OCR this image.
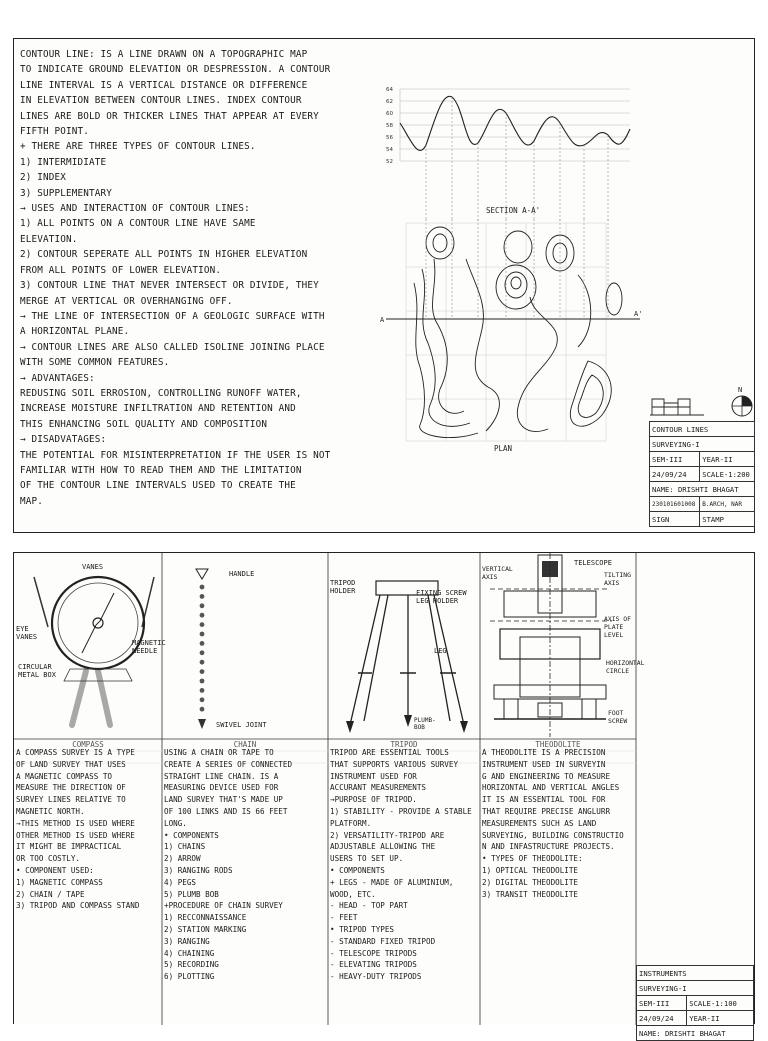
CONTOUR LINE: IS A LINE DRAWN ON A TOPOGRAPHIC MAP
TO INDICATE GROUND ELEVATION OR DESPRESSION. A CONTOUR
LINE INTERVAL IS A VERTICAL DISTANCE OR DIFFERENCE
IN ELEVATION BETWEEN CONTOUR LINES. INDEX CONTOUR
LINES ARE BOLD OR THICKER LINES THAT APPEAR AT EVERY
FIFTH POINT.
+ THERE ARE THREE TYPES OF CONTOUR LINES.
1) INTERMIDIATE
2) INDEX
3) SUPPLEMENTARY
→ USES AND INTERACTION OF CONTOUR LINES:
1) ALL POINTS ON A CONTOUR LINE HAVE SAME
ELEVATION.
2) CONTOUR SEPERATE ALL POINTS IN HIGHER ELEVATION
FROM ALL POINTS OF LOWER ELEVATION.
3) CONTOUR LINE THAT NEVER INTERSECT OR DIVIDE, THEY
MERGE AT VERTICAL OR OVERHANGING OFF.
→ THE LINE OF INTERSECTION OF A GEOLOGIC SURFACE WITH
A HORIZONTAL PLANE.
→ CONTOUR LINES ARE ALSO CALLED ISOLINE JOINING PLACE
WITH SOME COMMON FEATURES.
→ ADVANTAGES:
REDUSING SOIL ERROSION, CONTROLLING RUNOFF WATER,
INCREASE MOISTURE INFILTRATION AND RETENTION AND
THIS ENHANCING SOIL QUALITY AND COMPOSITION
→ DISADVATAGES:
THE POTENTIAL FOR MISINTERPRETATION IF THE USER IS NOT
FAMILIAR WITH HOW TO READ THEM AND THE LIMITATION
OF THE CONTOUR LINE INTERVALS USED TO CREATE THE
MAP.
64
62
60
58
56
54
52
SECTION A-A'
A
A'
PLAN
N
CONTOUR LINES	
SURVEYING-I	
SEM-III	YEAR-II
24/09/24	SCALE-1:200
NAME: DRISHTI BHAGAT	
230101601008	B.ARCH, NAR
SIGN	STAMP
VANES
EYE VANES
MAGNETIC NEEDLE
CIRCULAR METAL BOX
HANDLE
SWIVEL JOINT
TRIPOD HOLDER	FIXING SCREW LEG HOLDER
LEG
PLUMB-BOB
VERTICAL AXIS
TELESCOPE
TILTING AXIS
AXIS OF PLATE LEVEL
HORIZONTAL CIRCLE
FOOT SCREW
COMPASS	CHAIN	TRIPOD	THEODOLITE
A COMPASS SURVEY IS A TYPE
OF LAND SURVEY THAT USES
A MAGNETIC COMPASS TO
MEASURE THE DIRECTION OF
SURVEY LINES RELATIVE TO
MAGNETIC NORTH.
→THIS METHOD IS USED WHERE
OTHER METHOD IS USED WHERE
IT MIGHT BE IMPRACTICAL
OR TOO COSTLY.
• COMPONENT USED:
1) MAGNETIC COMPASS
2) CHAIN / TAPE
3) TRIPOD AND COMPASS STAND
USING A CHAIN OR TAPE TO
CREATE A SERIES OF CONNECTED
STRAIGHT LINE CHAIN. IS A
MEASURING DEVICE USED FOR
LAND SURVEY THAT'S MADE UP
OF 100 LINKS AND IS 66 FEET
LONG.
• COMPONENTS
1) CHAINS
2) ARROW
3) RANGING RODS
4) PEGS
5) PLUMB BOB
+PROCEDURE OF CHAIN SURVEY
1) RECCONNAISSANCE
2) STATION MARKING
3) RANGING
4) CHAINING
5) RECORDING
6) PLOTTING
TRIPOD ARE ESSENTIAL TOOLS
THAT SUPPORTS VARIOUS SURVEY
INSTRUMENT USED FOR
ACCURANT MEASUREMENTS
→PURPOSE OF TRIPOD.
1) STABILITY - PROVIDE A STABLE
PLATFORM.
2) VERSATILITY-TRIPOD ARE
ADJUSTABLE ALLOWING THE
USERS TO SET UP.
• COMPONENTS
+ LEGS - MADE OF ALUMINIUM,
WOOD, ETC.
- HEAD - TOP PART
- FEET
• TRIPOD TYPES
- STANDARD FIXED TRIPOD
- TELESCOPE TRIPODS
- ELEVATING TRIPODS
- HEAVY-DUTY TRIPODS
A THEODOLITE IS A PRECISION
INSTRUMENT USED IN SURVEYIN
G AND ENGINEERING TO MEASURE
HORIZONTAL AND VERTICAL ANGLES
IT IS AN ESSENTIAL TOOL FOR
THAT REQUIRE PRECISE ANGLURR
MEASUREMENTS SUCH AS LAND
SURVEYING, BUILDING CONSTRUCTIO
N AND INFASTRUCTURE PROJECTS.
• TYPES OF THEODOLITE:
1) OPTICAL THEODOLITE
2) DIGITAL THEODOLITE
3) TRANSIT THEODOLITE
INSTRUMENTS	
SURVEYING-I	
SEM-III	SCALE-1:100
24/09/24	YEAR-II
NAME: DRISHTI BHAGAT	
